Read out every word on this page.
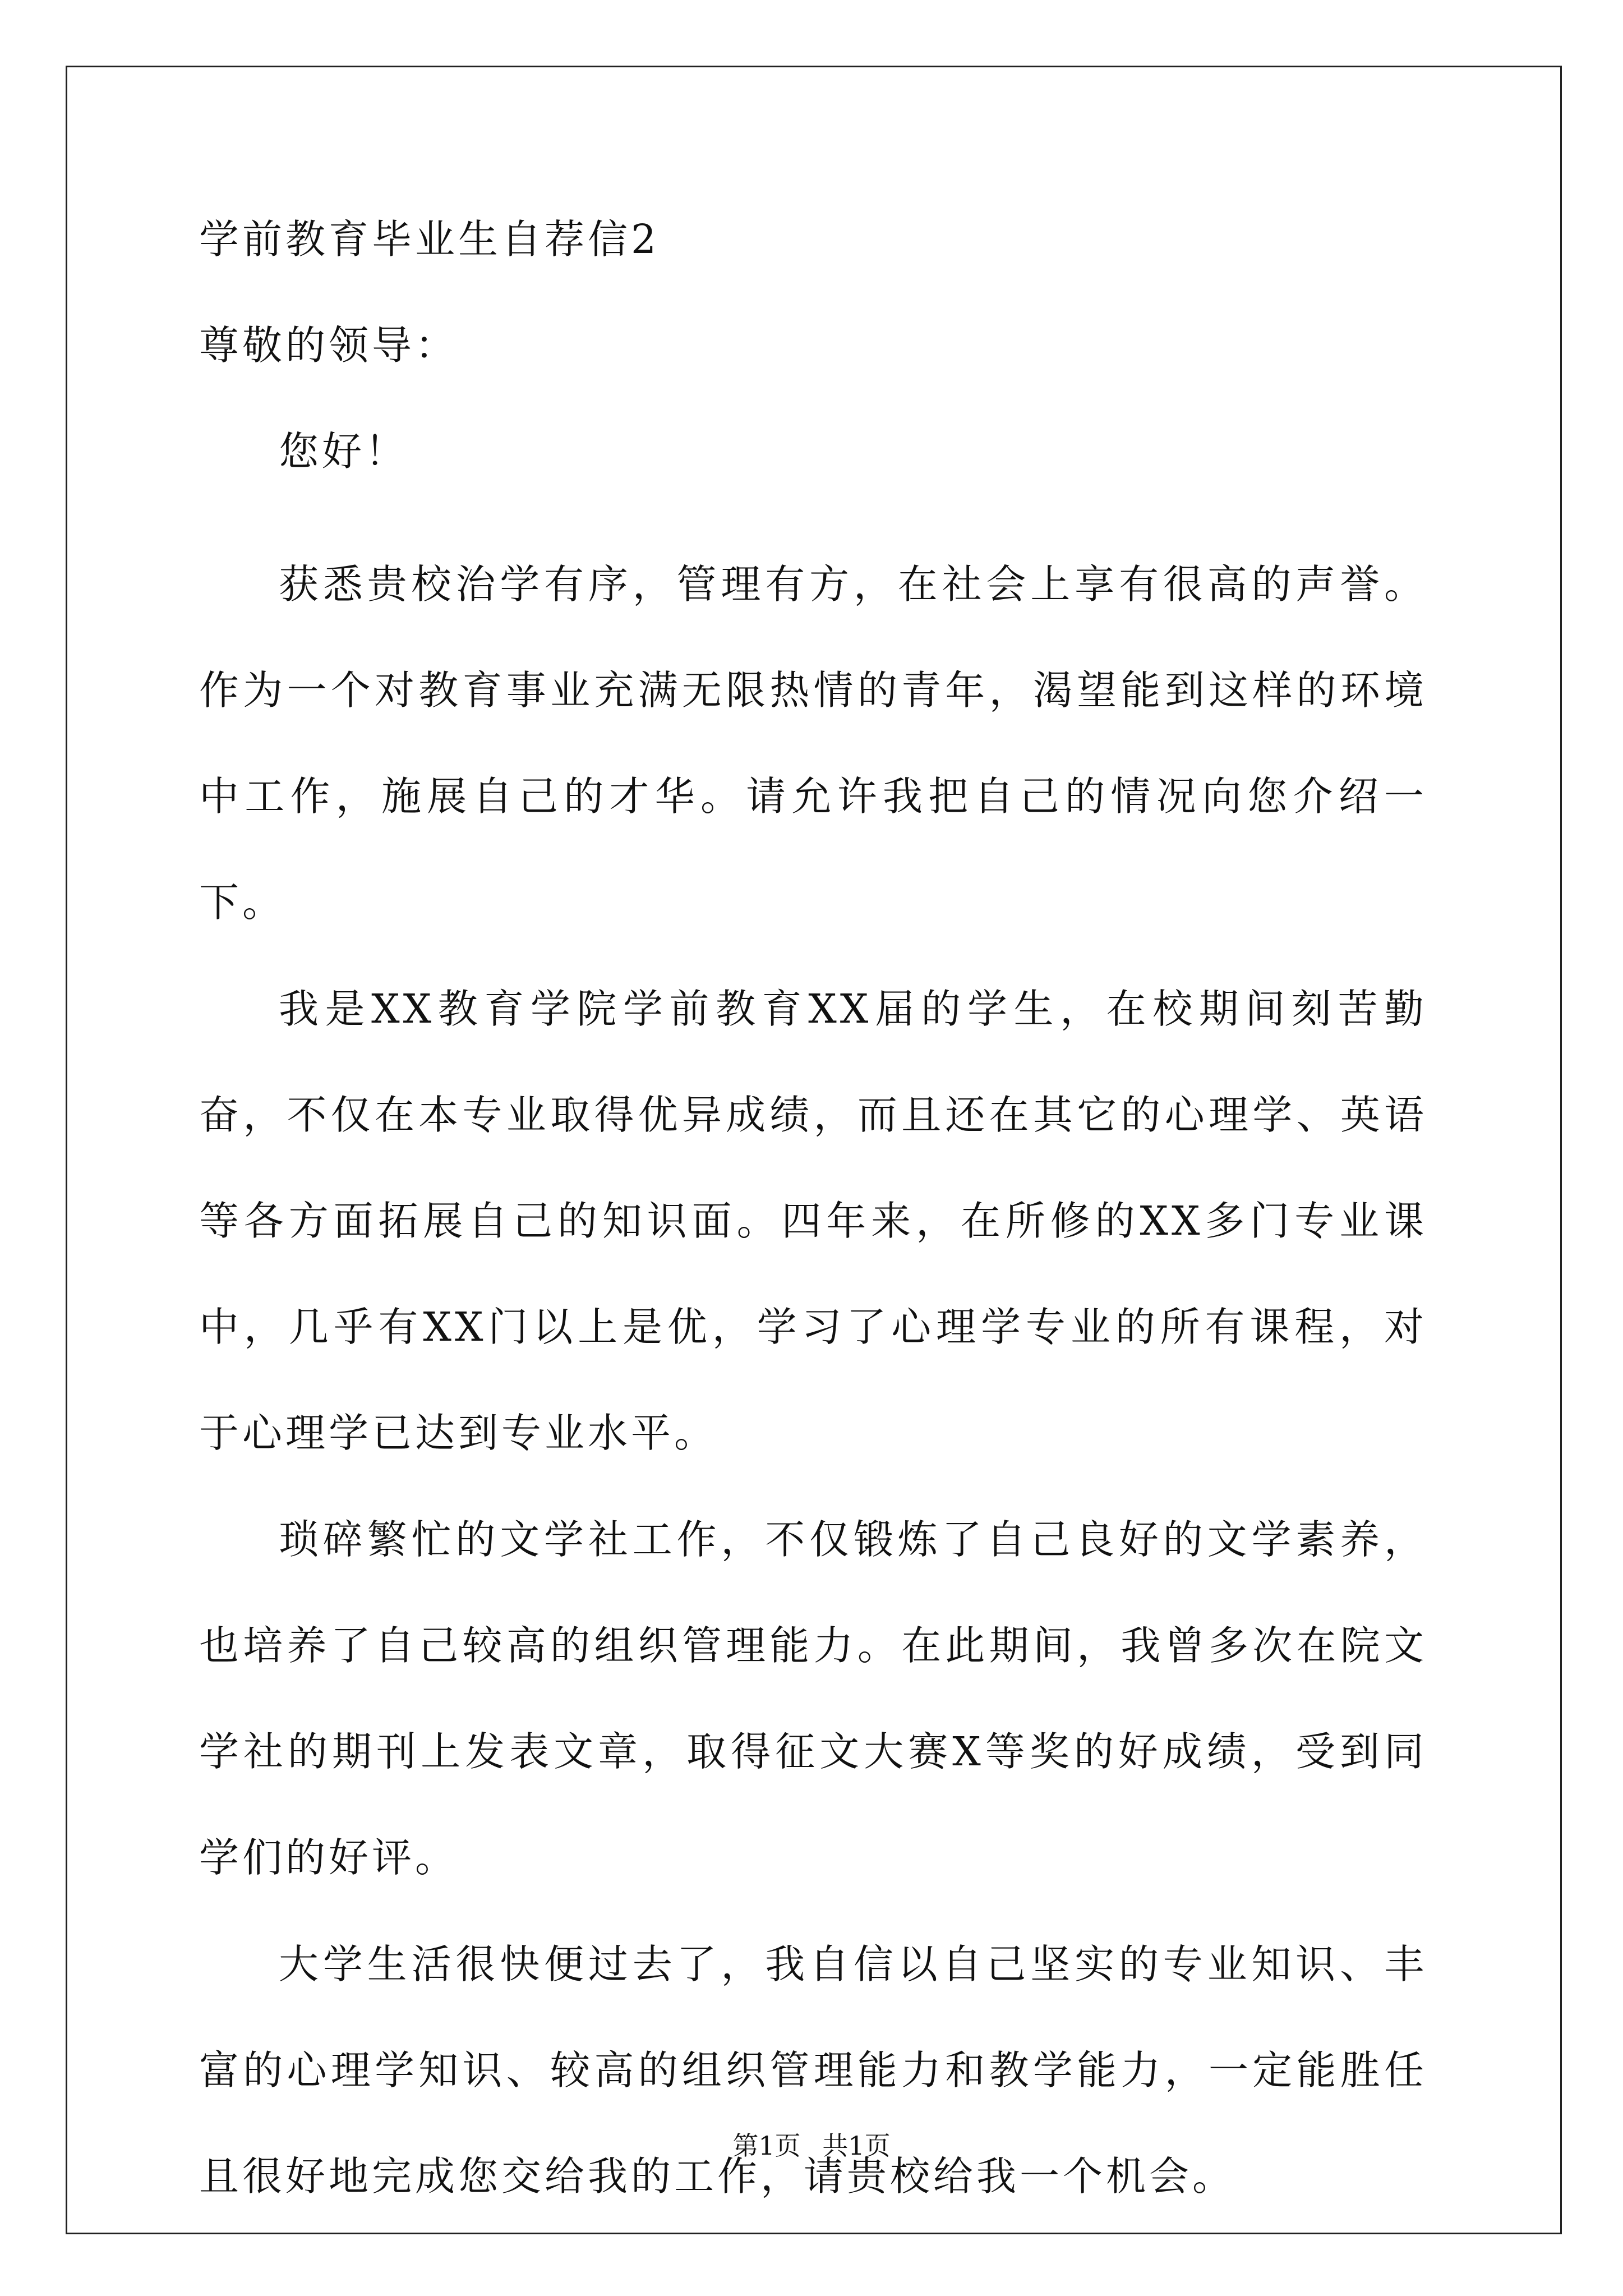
学前教育毕业生自荐信2
尊敬的领导：
您好！

获悉贵校治学有序，管理有方，在社会上享有很高的声誉。作为一个对教育事业充满无限热情的青年，渴望能到这样的环境中工作，施展自己的才华。请允许我把自己的情况向您介绍一下。

我是XX教育学院学前教育XX届的学生，在校期间刻苦勤奋，不仅在本专业取得优异成绩，而且还在其它的心理学、英语等各方面拓展自己的知识面。四年来，在所修的XX多门专业课中，几乎有XX门以上是优，学习了心理学专业的所有课程，对于心理学已达到专业水平。

琐碎繁忙的文学社工作，不仅锻炼了自己良好的文学素养，也培养了自己较高的组织管理能力。在此期间，我曾多次在院文学社的期刊上发表文章，取得征文大赛X等奖的好成绩，受到同学们的好评。

大学生活很快便过去了，我自信以自己坚实的专业知识、丰富的心理学知识、较高的组织管理能力和教学能力，一定能胜任且很好地完成您交给我的工作，请贵校给我一个机会。

第1页 共1页
